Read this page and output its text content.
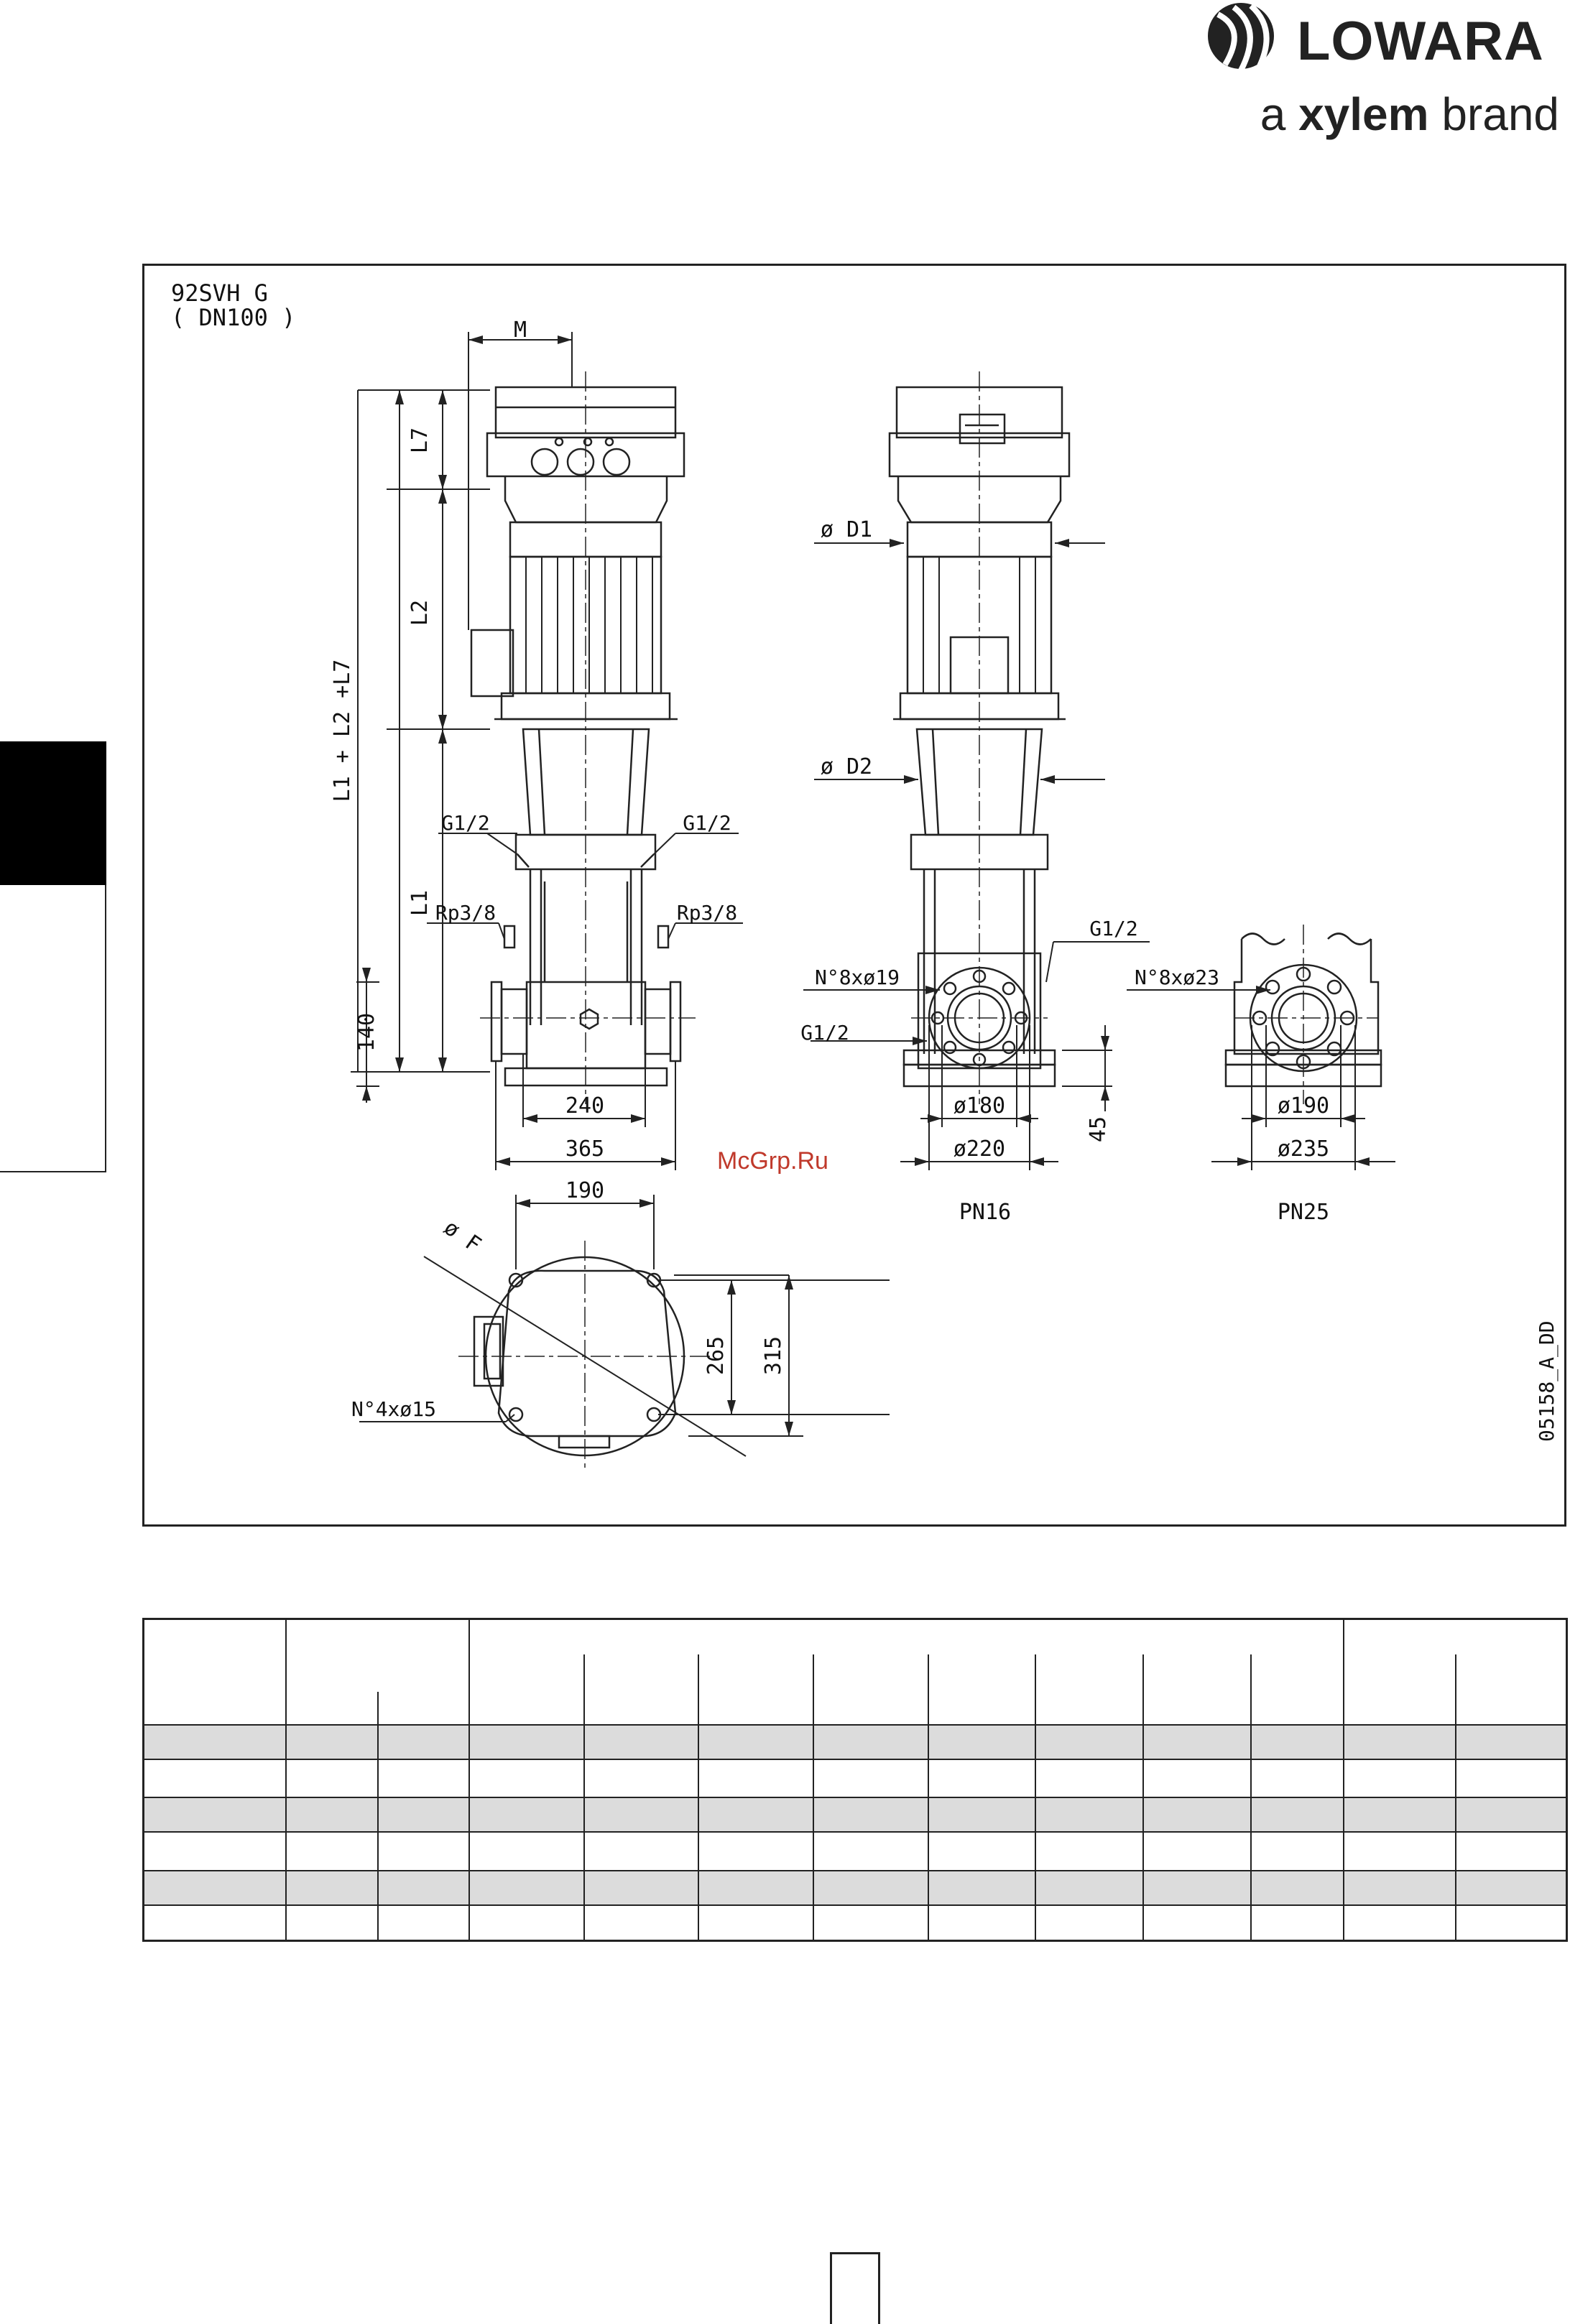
LOWARA
a xylem brand
M
L7
L2
L1
L1 + L2 +L7
140
G1/2	G1/2
Rp3/8	Rp3/8
240
365
ø D1
ø D2
N°8xø19
G1/2
G1/2
ø180
ø220
45
PN16
N°8xø23
ø190
ø235
PN25
190
265 315
ø F
N°4xø15
92SVH G
( DN100 )
05158_A_DD
McGrp.Ru
